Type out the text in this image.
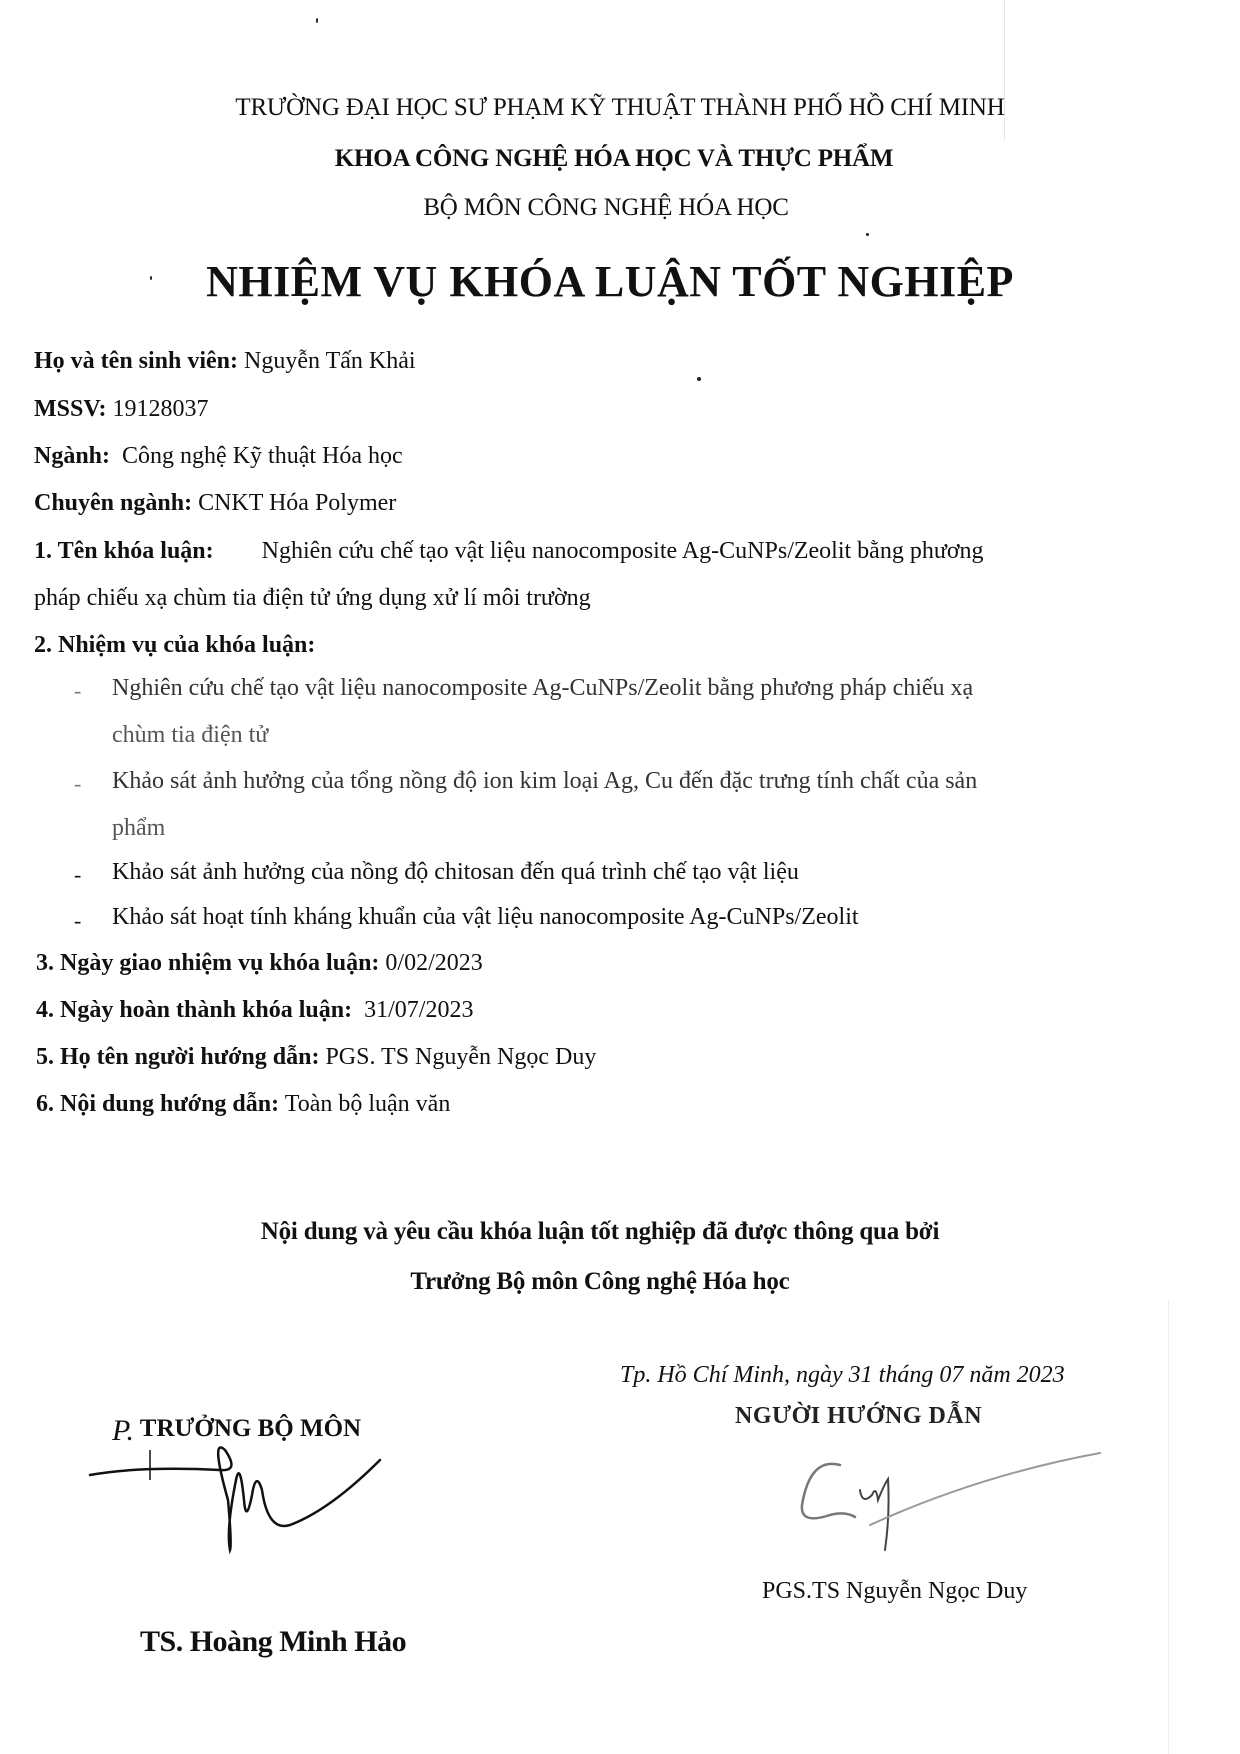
TRƯỜNG ĐẠI HỌC SƯ PHẠM KỸ THUẬT THÀNH PHỐ HỒ CHÍ MINH
KHOA CÔNG NGHỆ HÓA HỌC VÀ THỰC PHẨM
BỘ MÔN CÔNG NGHỆ HÓA HỌC
NHIỆM VỤ KHÓA LUẬN TỐT NGHIỆP
Họ và tên sinh viên: Nguyễn Tấn Khải
MSSV: 19128037
Ngành: Công nghệ Kỹ thuật Hóa học
Chuyên ngành: CNKT Hóa Polymer
1. Tên khóa luận: Nghiên cứu chế tạo vật liệu nanocomposite Ag-CuNPs/Zeolit bằng phương
pháp chiếu xạ chùm tia điện tử ứng dụng xử lí môi trường
2. Nhiệm vụ của khóa luận:
- Nghiên cứu chế tạo vật liệu nanocomposite Ag-CuNPs/Zeolit bằng phương pháp chiếu xạ
chùm tia điện tử
- Khảo sát ảnh hưởng của tổng nồng độ ion kim loại Ag, Cu đến đặc trưng tính chất của sản
phẩm
- Khảo sát ảnh hưởng của nồng độ chitosan đến quá trình chế tạo vật liệu
- Khảo sát hoạt tính kháng khuẩn của vật liệu nanocomposite Ag-CuNPs/Zeolit
3. Ngày giao nhiệm vụ khóa luận: 0/02/2023
4. Ngày hoàn thành khóa luận: 31/07/2023
5. Họ tên người hướng dẫn: PGS. TS Nguyễn Ngọc Duy
6. Nội dung hướng dẫn: Toàn bộ luận văn
Nội dung và yêu cầu khóa luận tốt nghiệp đã được thông qua bởi
Trưởng Bộ môn Công nghệ Hóa học
Tp. Hồ Chí Minh, ngày 31 tháng 07 năm 2023
P. TRƯỞNG BỘ MÔN	NGƯỜI HƯỚNG DẪN
PGS.TS Nguyễn Ngọc Duy
TS. Hoàng Minh Hảo
